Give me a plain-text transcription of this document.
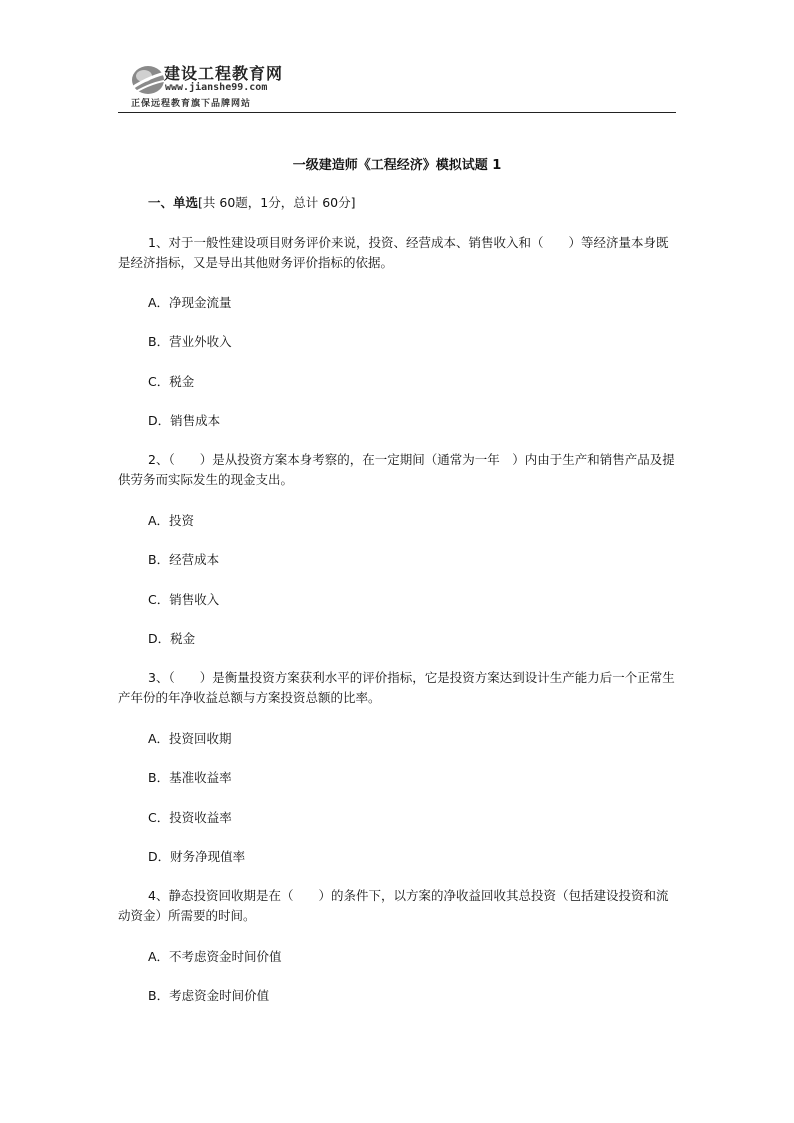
建设工程教育网
www.jianshe99.com
正保远程教育旗下品牌网站
一级建造师《工程经济》模拟试题 1
一、单选[共 60题，1分，总计 60分]
1、对于一般性建设项目财务评价来说，投资、经营成本、销售收入和（　　）等经济量本身既是经济指标，又是导出其他财务评价指标的依据。
A．净现金流量
B．营业外收入
C．税金
D．销售成本
2、（　　）是从投资方案本身考察的，在一定期间（通常为一年　）内由于生产和销售产品及提供劳务而实际发生的现金支出。
A．投资
B．经营成本
C．销售收入
D．税金
3、（　　）是衡量投资方案获利水平的评价指标，它是投资方案达到设计生产能力后一个正常生产年份的年净收益总额与方案投资总额的比率。
A．投资回收期
B．基准收益率
C．投资收益率
D．财务净现值率
4、静态投资回收期是在（　　）的条件下，以方案的净收益回收其总投资（包括建设投资和流动资金）所需要的时间。
A．不考虑资金时间价值
B．考虑资金时间价值
